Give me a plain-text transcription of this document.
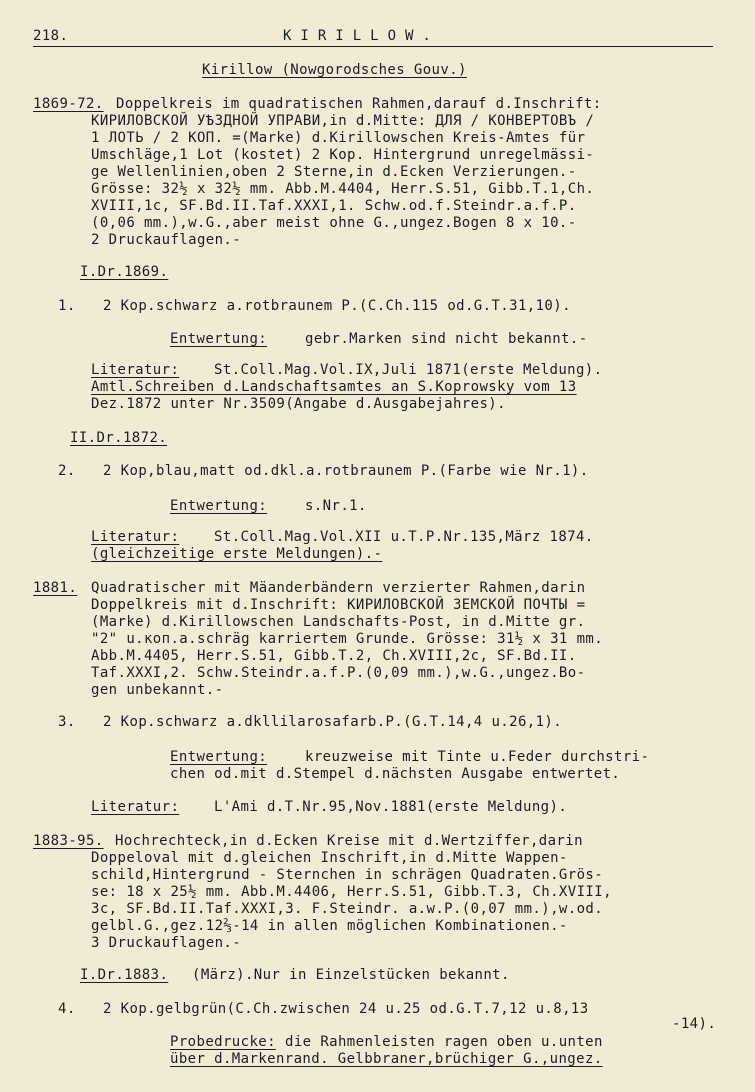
218.	KIRILLOW.
Kirillow (Nowgorodsches Gouv.)
1869-72. Doppelkreis im quadratischen Rahmen,darauf d.Inschrift:
КИРИЛОВСКОЙ УѢЗДНОЙ УПРАВИ,in d.Mitte: ДЛЯ / КОНВЕРТОВЪ /
1 ЛОТЬ / 2 КОП. =(Marke) d.Kirillowschen Kreis-Amtes für
Umschläge,1 Lot (kostet) 2 Kop. Hintergrund unregelmässi-
ge Wellenlinien,oben 2 Sterne,in d.Ecken Verzierungen.-
Grösse: 32½ x 32½ mm. Abb.M.4404, Herr.S.51, Gibb.T.1,Ch.
XVIII,1c, SF.Bd.II.Taf.XXXI,1. Schw.od.f.Steindr.a.f.P.
(0,06 mm.),w.G.,aber meist ohne G.,ungez.Bogen 8 x 10.-
2 Druckauflagen.-
I.Dr.1869.
1. 2 Kop.schwarz a.rotbraunem P.(C.Ch.115 od.G.T.31,10).
Entwertung:	gebr.Marken sind nicht bekannt.-
Literatur: St.Coll.Mag.Vol.IX,Juli 1871(erste Meldung).
Amtl.Schreiben d.Landschaftsamtes an S.Koprowsky vom 13
Dez.1872 unter Nr.3509(Angabe d.Ausgabejahres).
II.Dr.1872.
2. 2 Kop,blau,matt od.dkl.a.rotbraunem P.(Farbe wie Nr.1).
Entwertung:	s.Nr.1.
Literatur: St.Coll.Mag.Vol.XII u.T.P.Nr.135,März 1874.
(gleichzeitige erste Meldungen).-
1881. Quadratischer mit Mäanderbändern verzierter Rahmen,darin
Doppelkreis mit d.Inschrift: КИРИЛОВСКОЙ ЗЕМСКОЙ ПОЧТЫ =
(Marke) d.Kirillowschen Landschafts-Post, in d.Mitte gr.
"2" u.коп.a.schräg karriertem Grunde. Grösse: 31½ x 31 mm.
Abb.M.4405, Herr.S.51, Gibb.T.2, Ch.XVIII,2c, SF.Bd.II.
Taf.XXXI,2. Schw.Steindr.a.f.P.(0,09 mm.),w.G.,ungez.Bo-
gen unbekannt.-
3. 2 Kop.schwarz a.dkllilarosafarb.P.(G.T.14,4 u.26,1).
Entwertung:	kreuzweise mit Tinte u.Feder durchstri-
chen od.mit d.Stempel d.nächsten Ausgabe entwertet.
Literatur: L'Ami d.T.Nr.95,Nov.1881(erste Meldung).
1883-95. Hochrechteck,in d.Ecken Kreise mit d.Wertziffer,darin
Doppeloval mit d.gleichen Inschrift,in d.Mitte Wappen-
schild,Hintergrund - Sternchen in schrägen Quadraten.Grös-
se: 18 x 25½ mm. Abb.M.4406, Herr.S.51, Gibb.T.3, Ch.XVIII,
3c, SF.Bd.II.Taf.XXXI,3. F.Steindr. a.w.P.(0,07 mm.),w.od.
gelbl.G.,gez.12⅔-14 in allen möglichen Kombinationen.-
3 Druckauflagen.-
I.Dr.1883. (März).Nur in Einzelstücken bekannt.
4. 2 Kop.gelbgrün(C.Ch.zwischen 24 u.25 od.G.T.7,12 u.8,13
-14).
Probedrucke: die Rahmenleisten ragen oben u.unten
über d.Markenrand. Gelbbraner,brüchiger G.,ungez.
